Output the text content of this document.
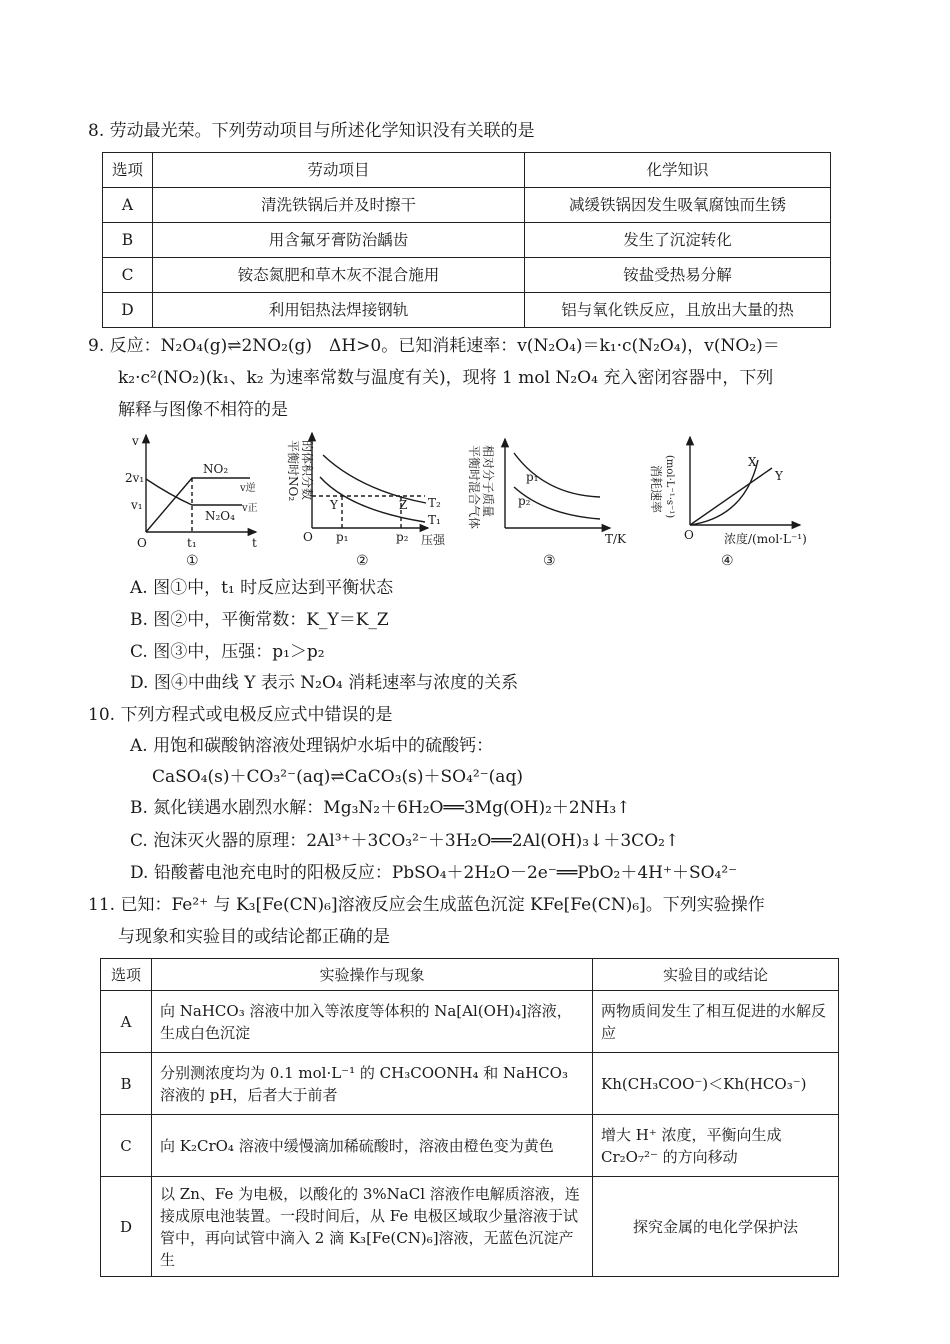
8. 劳动最光荣。下列劳动项目与所述化学知识没有关联的是
选项	劳动项目	化学知识
A	清洗铁锅后并及时擦干	减缓铁锅因发生吸氧腐蚀而生锈
B	用含氟牙膏防治龋齿	发生了沉淀转化
C	铵态氮肥和草木灰不混合施用	铵盐受热易分解
D	利用铝热法焊接钢轨	铝与氧化铁反应，且放出大量的热
9. 反应：N₂O₄(g)⇌2NO₂(g)　ΔH>0。已知消耗速率：v(N₂O₄)＝k₁·c(N₂O₄)，v(NO₂)＝
k₂·c²(NO₂)(k₁、k₂ 为速率常数与温度有关)，现将 1 mol N₂O₄ 充入密闭容器中，下列
解释与图像不相符的是
v
2v₁
v₁
O	t₁	t
NO₂
v逆
N₂O₄
v正
①
平衡时NO₂ 的体积分数
O p₁	p₂ 压强
Y	Z T₂
T₁
②
平衡时混合气体 相对分子质量	p₁
p₂
T/K
③
消耗速率 (mol·L⁻¹·s⁻¹)
O	浓度/(mol·L⁻¹)
X
Y
④
A. 图①中，t₁ 时反应达到平衡状态
B. 图②中，平衡常数：K_Y＝K_Z
C. 图③中，压强：p₁＞p₂
D. 图④中曲线 Y 表示 N₂O₄ 消耗速率与浓度的关系
10. 下列方程式或电极反应式中错误的是
A. 用饱和碳酸钠溶液处理锅炉水垢中的硫酸钙：
CaSO₄(s)＋CO₃²⁻(aq)⇌CaCO₃(s)＋SO₄²⁻(aq)
B. 氮化镁遇水剧烈水解：Mg₃N₂＋6H₂O══3Mg(OH)₂＋2NH₃↑
C. 泡沫灭火器的原理：2Al³⁺＋3CO₃²⁻＋3H₂O══2Al(OH)₃↓＋3CO₂↑
D. 铅酸蓄电池充电时的阳极反应：PbSO₄＋2H₂O－2e⁻══PbO₂＋4H⁺＋SO₄²⁻
11. 已知：Fe²⁺ 与 K₃[Fe(CN)₆]溶液反应会生成蓝色沉淀 KFe[Fe(CN)₆]。下列实验操作
与现象和实验目的或结论都正确的是
选项	实验操作与现象	实验目的或结论
A	向 NaHCO₃ 溶液中加入等浓度等体积的 Na[Al(OH)₄]溶液，生成白色沉淀	两物质间发生了相互促进的水解反应
B	分别测浓度均为 0.1 mol·L⁻¹ 的 CH₃COONH₄ 和 NaHCO₃ 溶液的 pH，后者大于前者	Kh(CH₃COO⁻)＜Kh(HCO₃⁻)
C	向 K₂CrO₄ 溶液中缓慢滴加稀硫酸时，溶液由橙色变为黄色	增大 H⁺ 浓度，平衡向生成 Cr₂O₇²⁻ 的方向移动
D	以 Zn、Fe 为电极，以酸化的 3%NaCl 溶液作电解质溶液，连接成原电池装置。一段时间后，从 Fe 电极区域取少量溶液于试管中，再向试管中滴入 2 滴 K₃[Fe(CN)₆]溶液，无蓝色沉淀产生	探究金属的电化学保护法
